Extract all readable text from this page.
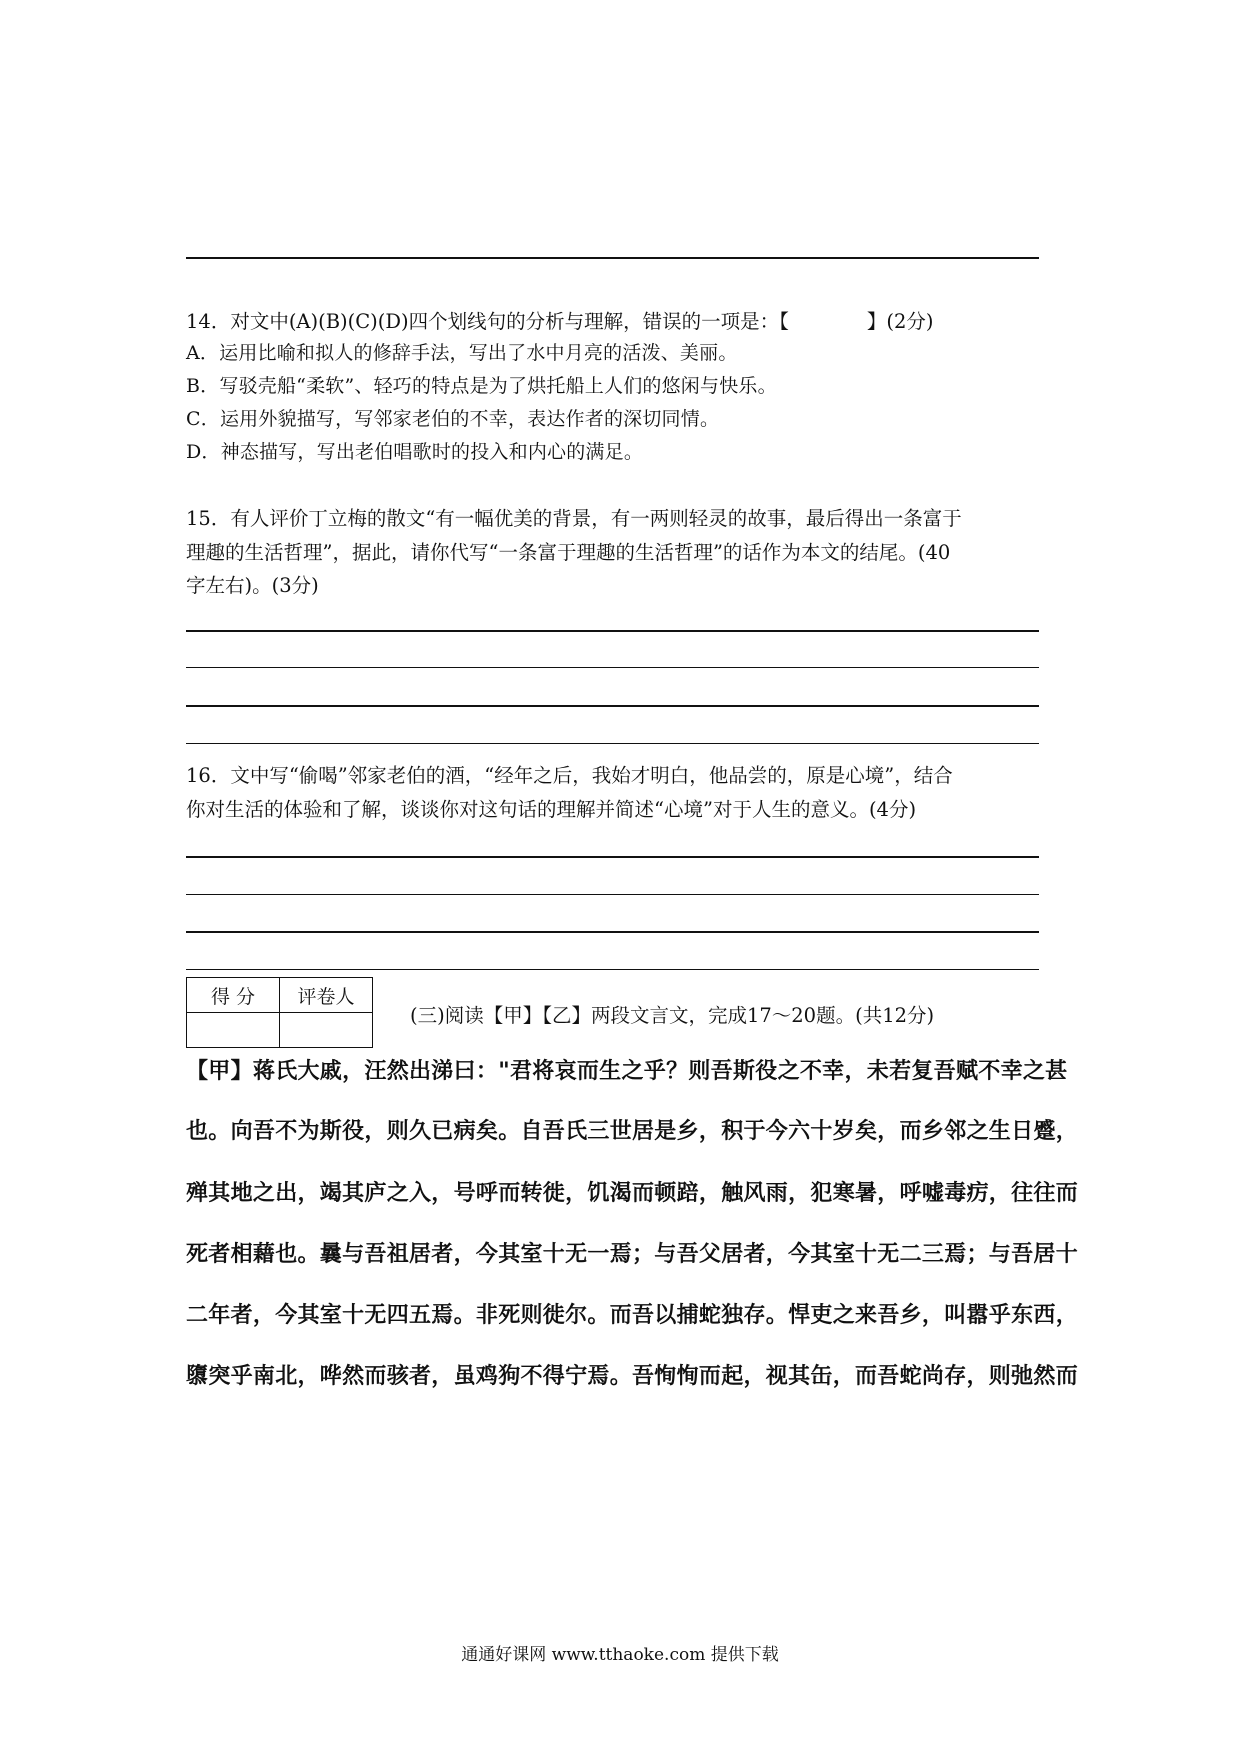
14．对文中(A)(B)(C)(D)四个划线句的分析与理解，错误的一项是：【	】(2分)
A．运用比喻和拟人的修辞手法，写出了水中月亮的活泼、美丽。
B．写驳壳船“柔软”、轻巧的特点是为了烘托船上人们的悠闲与快乐。
C．运用外貌描写，写邻家老伯的不幸，表达作者的深切同情。
D．神态描写，写出老伯唱歌时的投入和内心的满足。
15．有人评价丁立梅的散文“有一幅优美的背景，有一两则轻灵的故事，最后得出一条富于
理趣的生活哲理”，据此，请你代写“一条富于理趣的生活哲理”的话作为本文的结尾。(40
字左右)。(3分)
16．文中写“偷喝”邻家老伯的酒，“经年之后，我始才明白，他品尝的，原是心境”，结合
你对生活的体验和了解，谈谈你对这句话的理解并简述“心境”对于人生的意义。(4分)
得 分	评卷人

(三)阅读【甲】【乙】两段文言文，完成17～20题。(共12分)
【甲】蒋氏大戚，汪然出涕曰："君将哀而生之乎？则吾斯役之不幸，未若复吾赋不幸之甚
也。向吾不为斯役，则久已病矣。自吾氏三世居是乡，积于今六十岁矣，而乡邻之生日蹙，
殚其地之出，竭其庐之入，号呼而转徙，饥渴而顿踣，触风雨，犯寒暑，呼嘘毒疠，往往而
死者相藉也。曩与吾祖居者，今其室十无一焉；与吾父居者，今其室十无二三焉；与吾居十
二年者，今其室十无四五焉。非死则徙尔。而吾以捕蛇独存。悍吏之来吾乡，叫嚣乎东西，
隳突乎南北，哗然而骇者，虽鸡狗不得宁焉。吾恂恂而起，视其缶，而吾蛇尚存，则弛然而
通通好课网 www.tthaoke.com 提供下载
